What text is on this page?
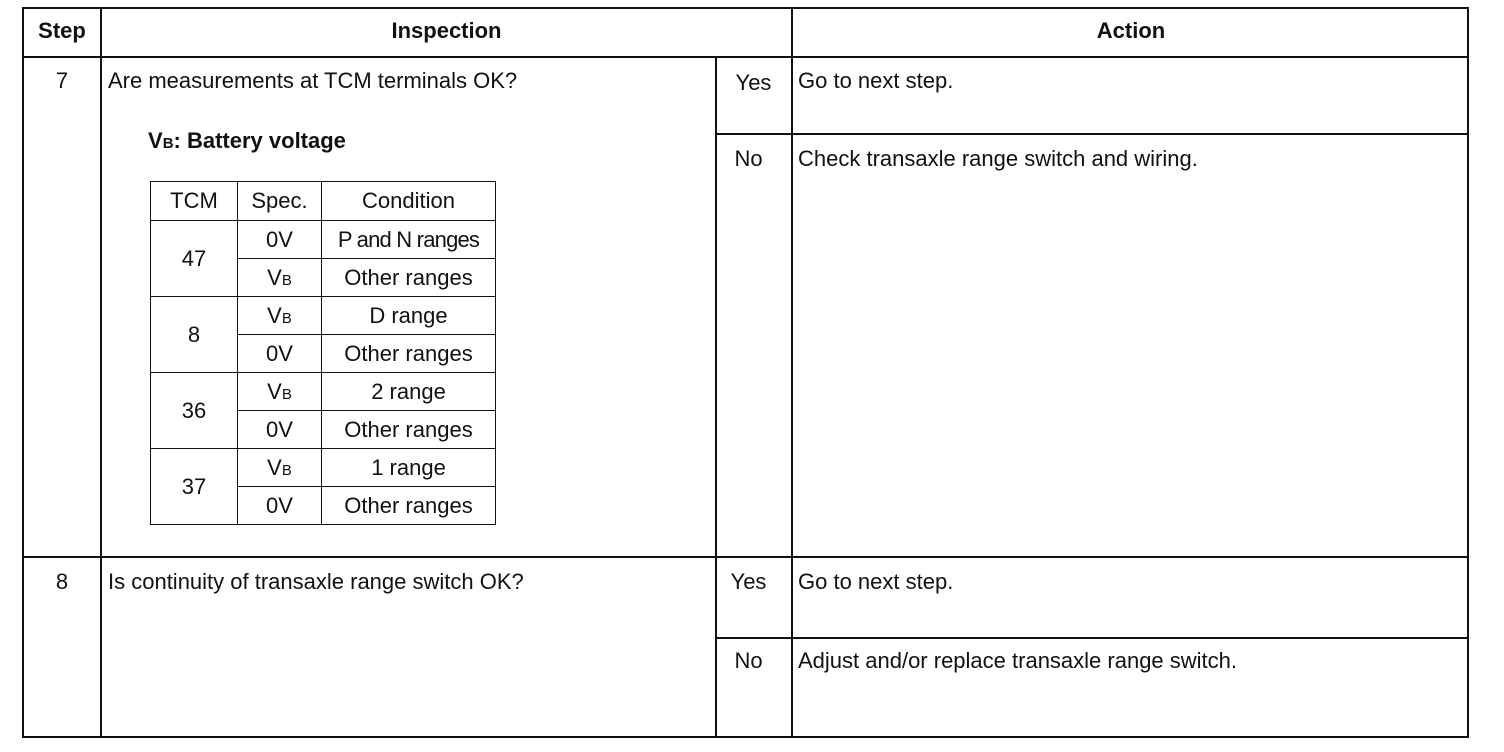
Step	Inspection	Action
7	Are measurements at TCM terminals OK?
VB: Battery voltage
Yes	Go to next step.
No	Check transaxle range switch and wiring.
TCM	Spec.	Condition
47	0V	P and N ranges
	VB	Other ranges
8	VB	D range
	0V	Other ranges
36	VB	2 range
	0V	Other ranges
37	VB	1 range
	0V	Other ranges
8	Is continuity of transaxle range switch OK?	Yes	Go to next step.
No	Adjust and/or replace transaxle range switch.
